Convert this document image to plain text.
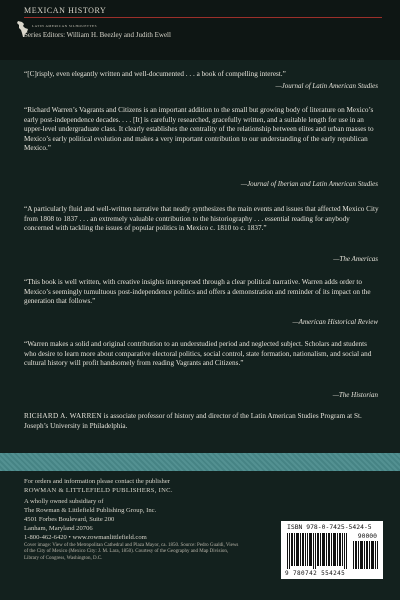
MEXICAN HISTORY
LATIN AMERICAN SILHOUETTES
Series Editors: William H. Beezley and Judith Ewell

“[C]risply, even elegantly written and well-documented . . . a book of compelling interest.”

—Journal of Latin American Studies

“Richard Warren’s Vagrants and Citizens is an important addition to the small but growing body of literature on Mexico’s early post-independence decades. . . . [It] is carefully researched, gracefully written, and a suitable length for use in an upper-level undergraduate class. It clearly establishes the centrality of the relationship between elites and urban masses to Mexico’s early political evolution and makes a very important contribution to our understanding of the early republican Mexico.”

—Journal of Iberian and Latin American Studies

“A particularly fluid and well-written narrative that neatly synthesizes the main events and issues that affected Mexico City from 1808 to 1837 . . . an extremely valuable contribution to the historiography . . . essential reading for anybody concerned with tackling the issues of popular politics in Mexico c. 1810 to c. 1837.”

—The Americas

“This book is well written, with creative insights interspersed through a clear political narrative. Warren adds order to Mexico’s seemingly tumultuous post-independence politics and offers a demonstration and reminder of its impact on the generation that follows.”

—American Historical Review

“Warren makes a solid and original contribution to an understudied period and neglected subject. Scholars and students who desire to learn more about comparative electoral politics, social control, state formation, nationalism, and social and cultural history will profit handsomely from reading Vagrants and Citizens.”

—The Historian

RICHARD A. WARREN is associate professor of history and director of the Latin American Studies Program at St. Joseph’s University in Philadelphia.

For orders and information please contact the publisher
ROWMAN & LITTLEFIELD PUBLISHERS, INC.
A wholly owned subsidiary of
The Rowman & Littlefield Publishing Group, Inc.
4501 Forbes Boulevard, Suite 200
Lanham, Maryland 20706
1-800-462-6420 • www.rowmanlittlefield.com

Cover image: View of the Metropolitan Cathedral and Plaza Mayor, ca. 1850. Source: Pedro Gualdi, Views of the City of Mexico (Mexico City: J. M. Lara, 1850). Courtesy of the Geography and Map Division, Library of Congress, Washington, D.C.

ISBN 978-0-7425-5424-5
90000
9 780742 554245
